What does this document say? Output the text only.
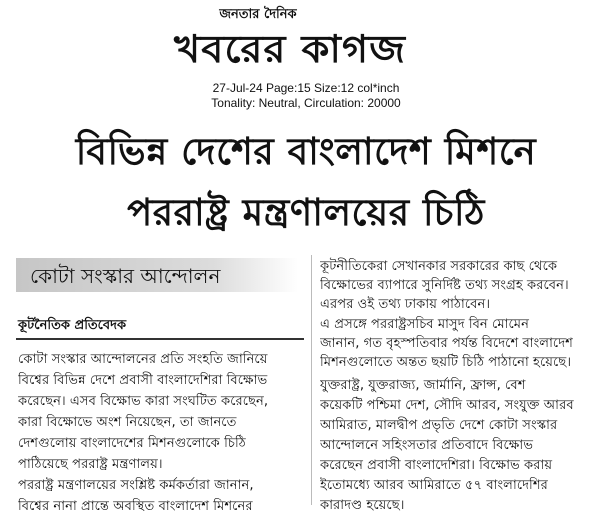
জনতার দৈনিক
খবরের কাগজ
27-Jul-24 Page:15 Size:12 col*inch
Tonality: Neutral, Circulation: 20000
বিভিন্ন দেশের বাংলাদেশ মিশনে
পররাষ্ট্র মন্ত্রণালয়ের চিঠি
কোটা সংস্কার আন্দোলন
কূটনৈতিক প্রতিবেদক
কোটা সংস্কার আন্দোলনের প্রতি সংহতি জানিয়ে
বিশ্বের বিভিন্ন দেশে প্রবাসী বাংলাদেশিরা বিক্ষোভ
করেছেন। এসব বিক্ষোভ কারা সংঘটিত করেছেন,
কারা বিক্ষোভে অংশ নিয়েছেন, তা জানতে
দেশগুলোয় বাংলাদেশের মিশনগুলোকে চিঠি
পাঠিয়েছে পররাষ্ট্র মন্ত্রণালয়।
পররাষ্ট্র মন্ত্রণালয়ের সংশ্লিষ্ট কর্মকর্তারা জানান,
বিশ্বের নানা প্রান্তে অবস্থিত বাংলাদেশ মিশনের
কূটনীতিকেরা সেখানকার সরকারের কাছ থেকে
বিক্ষোভের ব্যাপারে সুনির্দিষ্ট তথ্য সংগ্রহ করবেন।
এরপর ওই তথ্য ঢাকায় পাঠাবেন।
এ প্রসঙ্গে পররাষ্ট্রসচিব মাসুদ বিন মোমেন
জানান, গত বৃহস্পতিবার পর্যন্ত বিদেশে বাংলাদেশ
মিশনগুলোতে অন্তত ছয়টি চিঠি পাঠানো হয়েছে।
যুক্তরাষ্ট্র, যুক্তরাজ্য, জার্মানি, ফ্রান্স, বেশ
কয়েকটি পশ্চিমা দেশ, সৌদি আরব, সংযুক্ত আরব
আমিরাত, মালদ্বীপ প্রভৃতি দেশে কোটা সংস্কার
আন্দোলনে সহিংসতার প্রতিবাদে বিক্ষোভ
করেছেন প্রবাসী বাংলাদেশিরা। বিক্ষোভ করায়
ইতোমধ্যে আরব আমিরাতে ৫৭ বাংলাদেশির
কারাদণ্ড হয়েছে।
